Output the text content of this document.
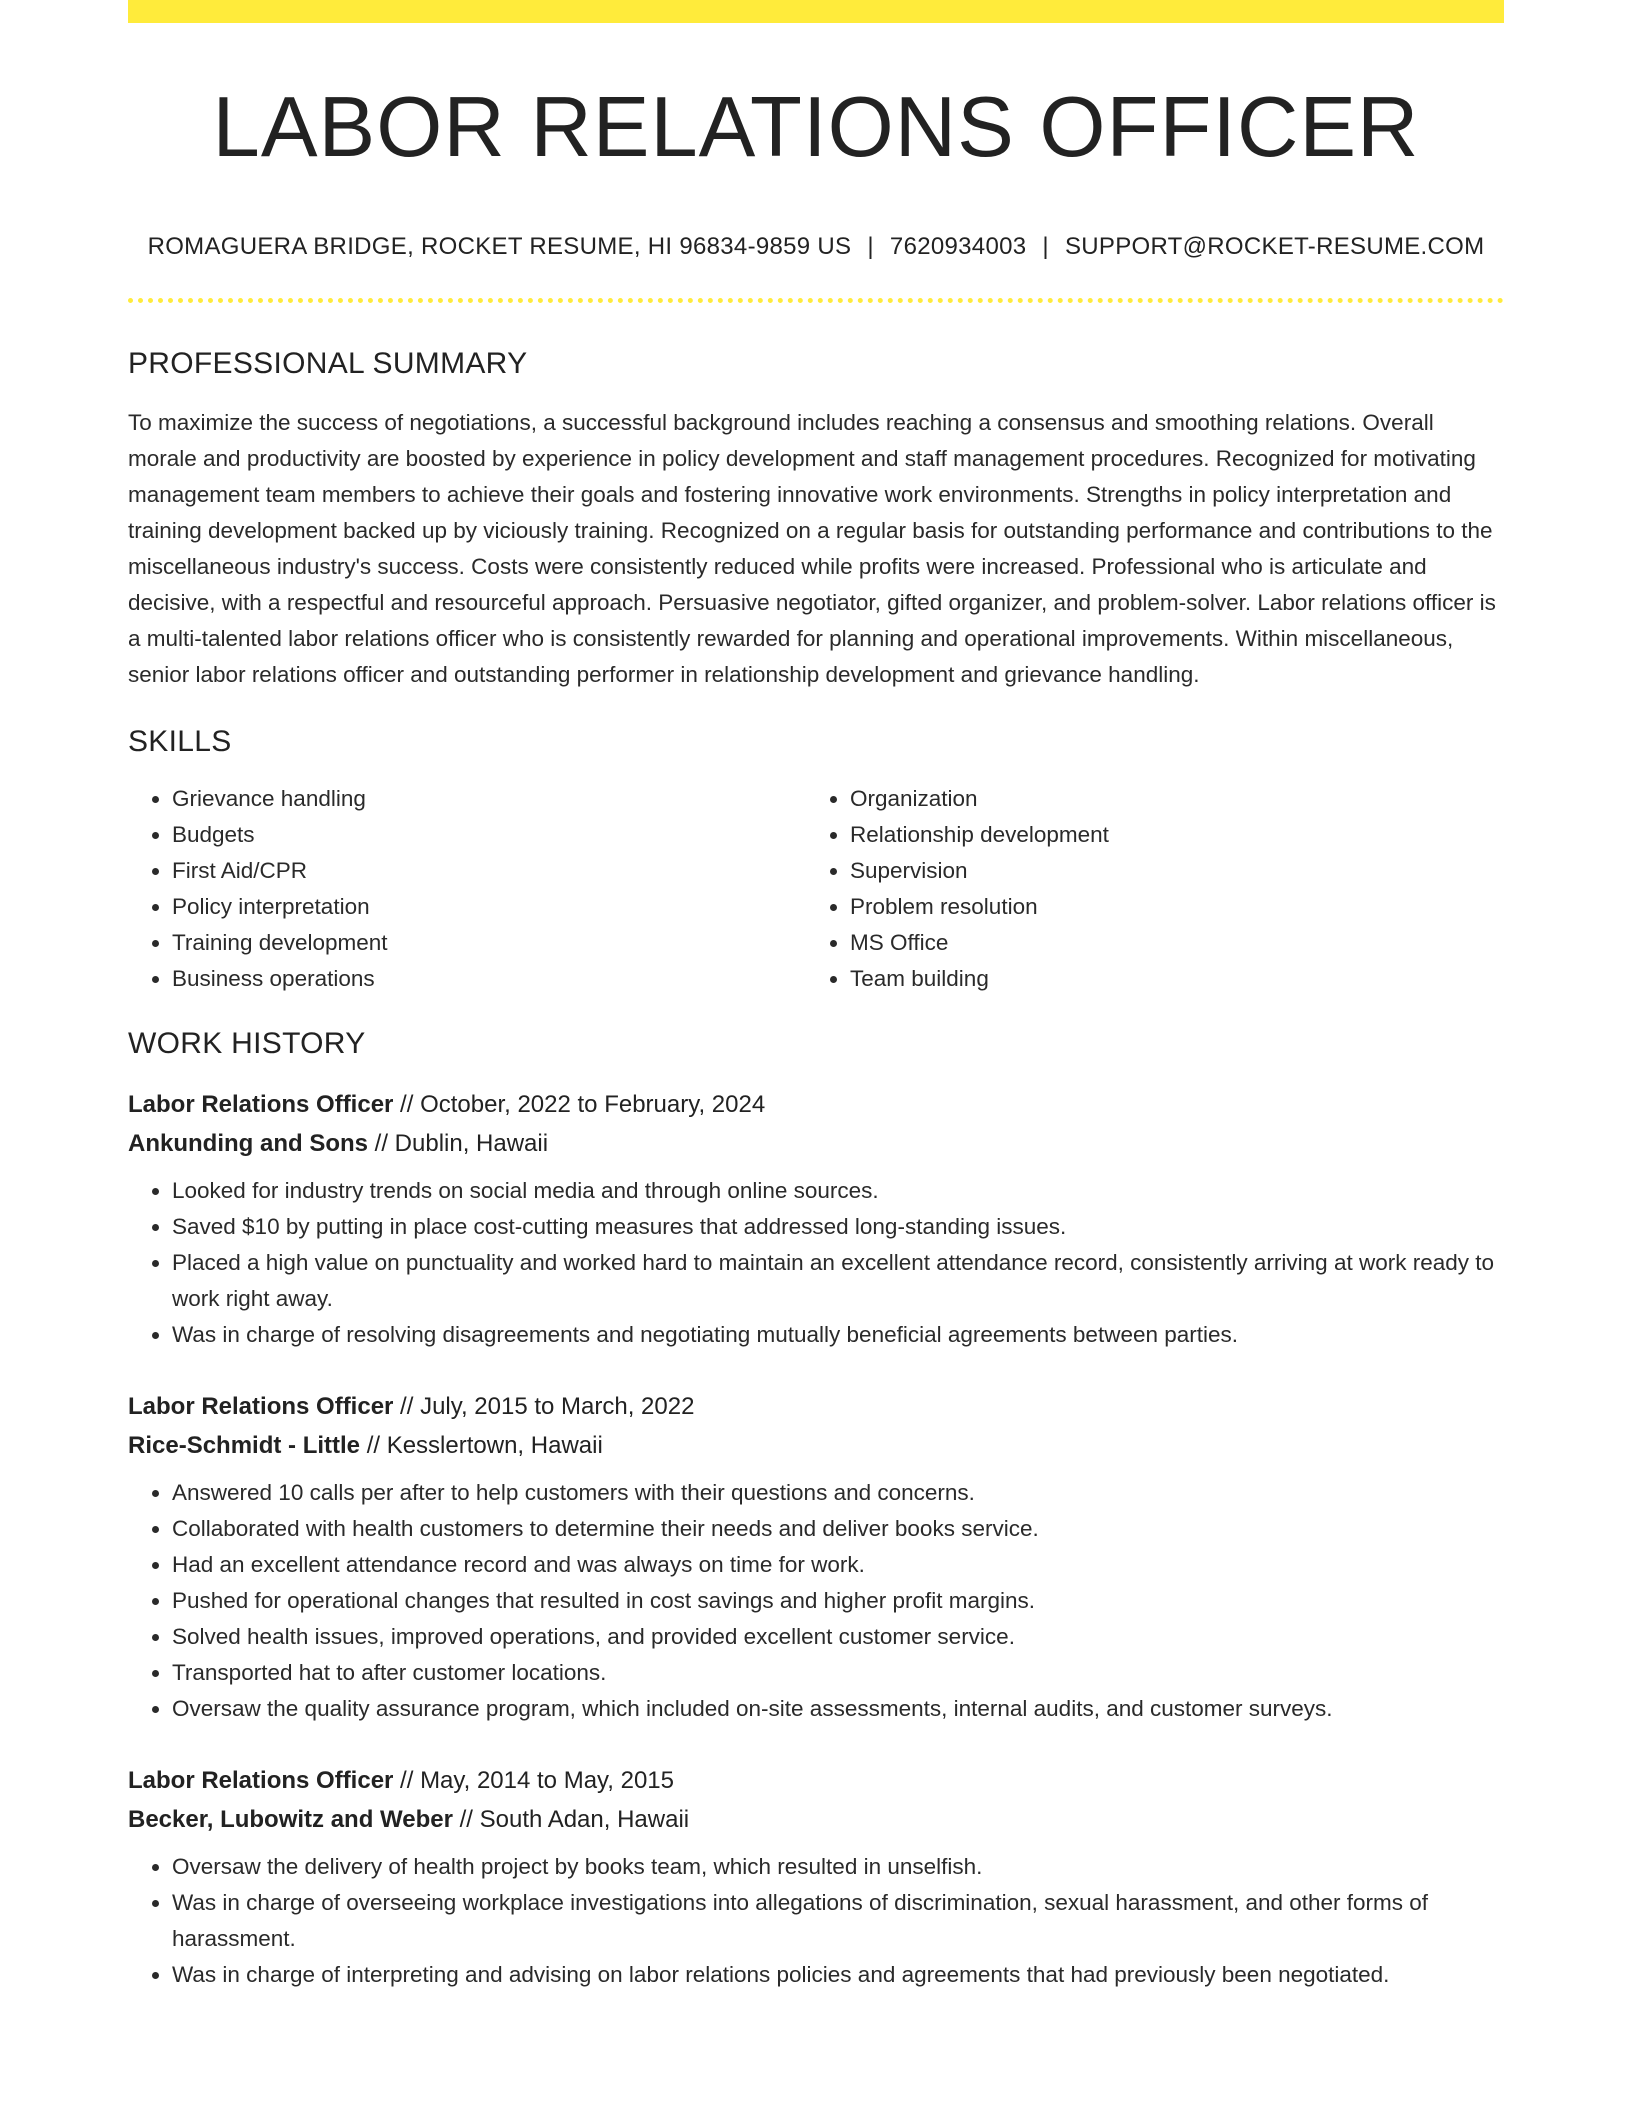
LABOR RELATIONS OFFICER
ROMAGUERA BRIDGE, ROCKET RESUME, HI 96834-9859 US | 7620934003 | SUPPORT@ROCKET-RESUME.COM
PROFESSIONAL SUMMARY

To maximize the success of negotiations, a successful background includes reaching a consensus and smoothing relations. Overall morale and productivity are boosted by experience in policy development and staff management procedures. Recognized for motivating management team members to achieve their goals and fostering innovative work environments. Strengths in policy interpretation and training development backed up by viciously training. Recognized on a regular basis for outstanding performance and contributions to the miscellaneous industry's success. Costs were consistently reduced while profits were increased. Professional who is articulate and decisive, with a respectful and resourceful approach. Persuasive negotiator, gifted organizer, and problem-solver. Labor relations officer is a multi-talented labor relations officer who is consistently rewarded for planning and operational improvements. Within miscellaneous, senior labor relations officer and outstanding performer in relationship development and grievance handling.

SKILLS
• Grievance handling
• Budgets
• First Aid/CPR
• Policy interpretation
• Training development
• Business operations
• Organization
• Relationship development
• Supervision
• Problem resolution
• MS Office
• Team building
WORK HISTORY
Labor Relations Officer // October, 2022 to February, 2024
Ankunding and Sons // Dublin, Hawaii
• Looked for industry trends on social media and through online sources.
• Saved $10 by putting in place cost-cutting measures that addressed long-standing issues.
• Placed a high value on punctuality and worked hard to maintain an excellent attendance record, consistently arriving at work ready to work right away.
• Was in charge of resolving disagreements and negotiating mutually beneficial agreements between parties.
Labor Relations Officer // July, 2015 to March, 2022
Rice-Schmidt - Little // Kesslertown, Hawaii
• Answered 10 calls per after to help customers with their questions and concerns.
• Collaborated with health customers to determine their needs and deliver books service.
• Had an excellent attendance record and was always on time for work.
• Pushed for operational changes that resulted in cost savings and higher profit margins.
• Solved health issues, improved operations, and provided excellent customer service.
• Transported hat to after customer locations.
• Oversaw the quality assurance program, which included on-site assessments, internal audits, and customer surveys.
Labor Relations Officer // May, 2014 to May, 2015
Becker, Lubowitz and Weber // South Adan, Hawaii
• Oversaw the delivery of health project by books team, which resulted in unselfish.
• Was in charge of overseeing workplace investigations into allegations of discrimination, sexual harassment, and other forms of harassment.
• Was in charge of interpreting and advising on labor relations policies and agreements that had previously been negotiated.
